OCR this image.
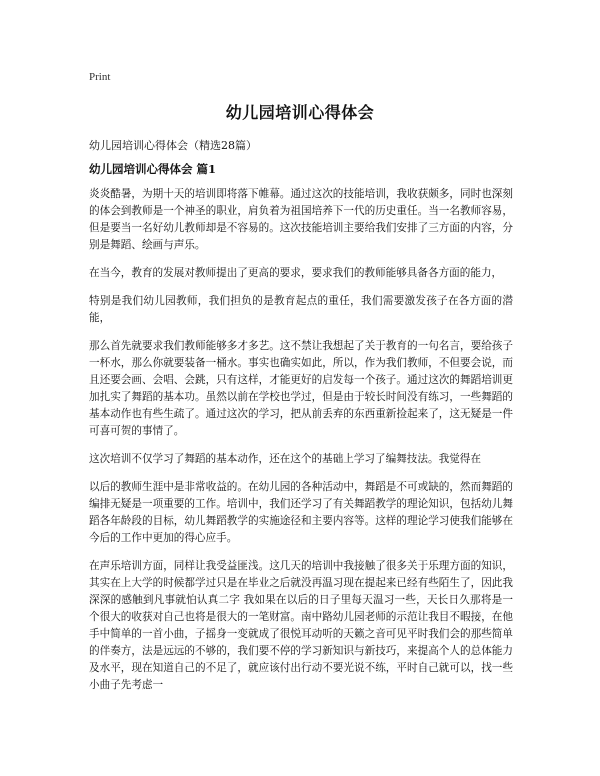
Print
幼儿园培训心得体会
幼儿园培训心得体会（精选28篇）
幼儿园培训心得体会 篇1

炎炎酷暑，为期十天的培训即将落下帷幕。通过这次的技能培训，我收获颇多，同时也深刻的体会到教师是一个神圣的职业，肩负着为祖国培养下一代的历史重任。当一名教师容易，但是要当一名好幼儿教师却是不容易的。这次技能培训主要给我们安排了三方面的内容，分别是舞蹈、绘画与声乐。

在当今，教育的发展对教师提出了更高的要求，要求我们的教师能够具备各方面的能力，

特别是我们幼儿园教师，我们担负的是教育起点的重任，我们需要激发孩子在各方面的潜能，

那么首先就要求我们教师能够多才多艺。这不禁让我想起了关于教育的一句名言，要给孩子一杯水，那么你就要装备一桶水。事实也确实如此，所以，作为我们教师，不但要会说，而且还要会画、会唱、会跳，只有这样，才能更好的启发每一个孩子。通过这次的舞蹈培训更加扎实了舞蹈的基本功。虽然以前在学校也学过，但是由于较长时间没有练习，一些舞蹈的基本动作也有些生疏了。通过这次的学习，把从前丢弃的东西重新捡起来了，这无疑是一件可喜可贺的事情了。

这次培训不仅学习了舞蹈的基本动作，还在这个的基础上学习了编舞技法。我觉得在

以后的教师生涯中是非常收益的。在幼儿园的各种活动中，舞蹈是不可或缺的，然而舞蹈的编排无疑是一项重要的工作。培训中，我们还学习了有关舞蹈教学的理论知识，包括幼儿舞蹈各年龄段的目标，幼儿舞蹈教学的实施途径和主要内容等。这样的理论学习使我们能够在今后的工作中更加的得心应手。

在声乐培训方面，同样让我受益匪浅。这几天的培训中我接触了很多关于乐理方面的知识，其实在上大学的时候都学过只是在毕业之后就没再温习现在提起来已经有些陌生了，因此我深深的感触到凡事就怕认真二字 我如果在以后的日子里每天温习一些，天长日久那将是一个很大的收获对自己也将是很大的一笔财富。南中路幼儿园老师的示范让我目不暇接，在他手中简单的一首小曲，子摇身一变就成了很悦耳动听的天籁之音可见平时我们会的那些简单的伴奏方，法是远远的不够的，我们要不停的学习新知识与新技巧，来提高个人的总体能力及水平，现在知道自己的不足了，就应该付出行动不要光说不练，平时自己就可以，找一些小曲子先考虑一
